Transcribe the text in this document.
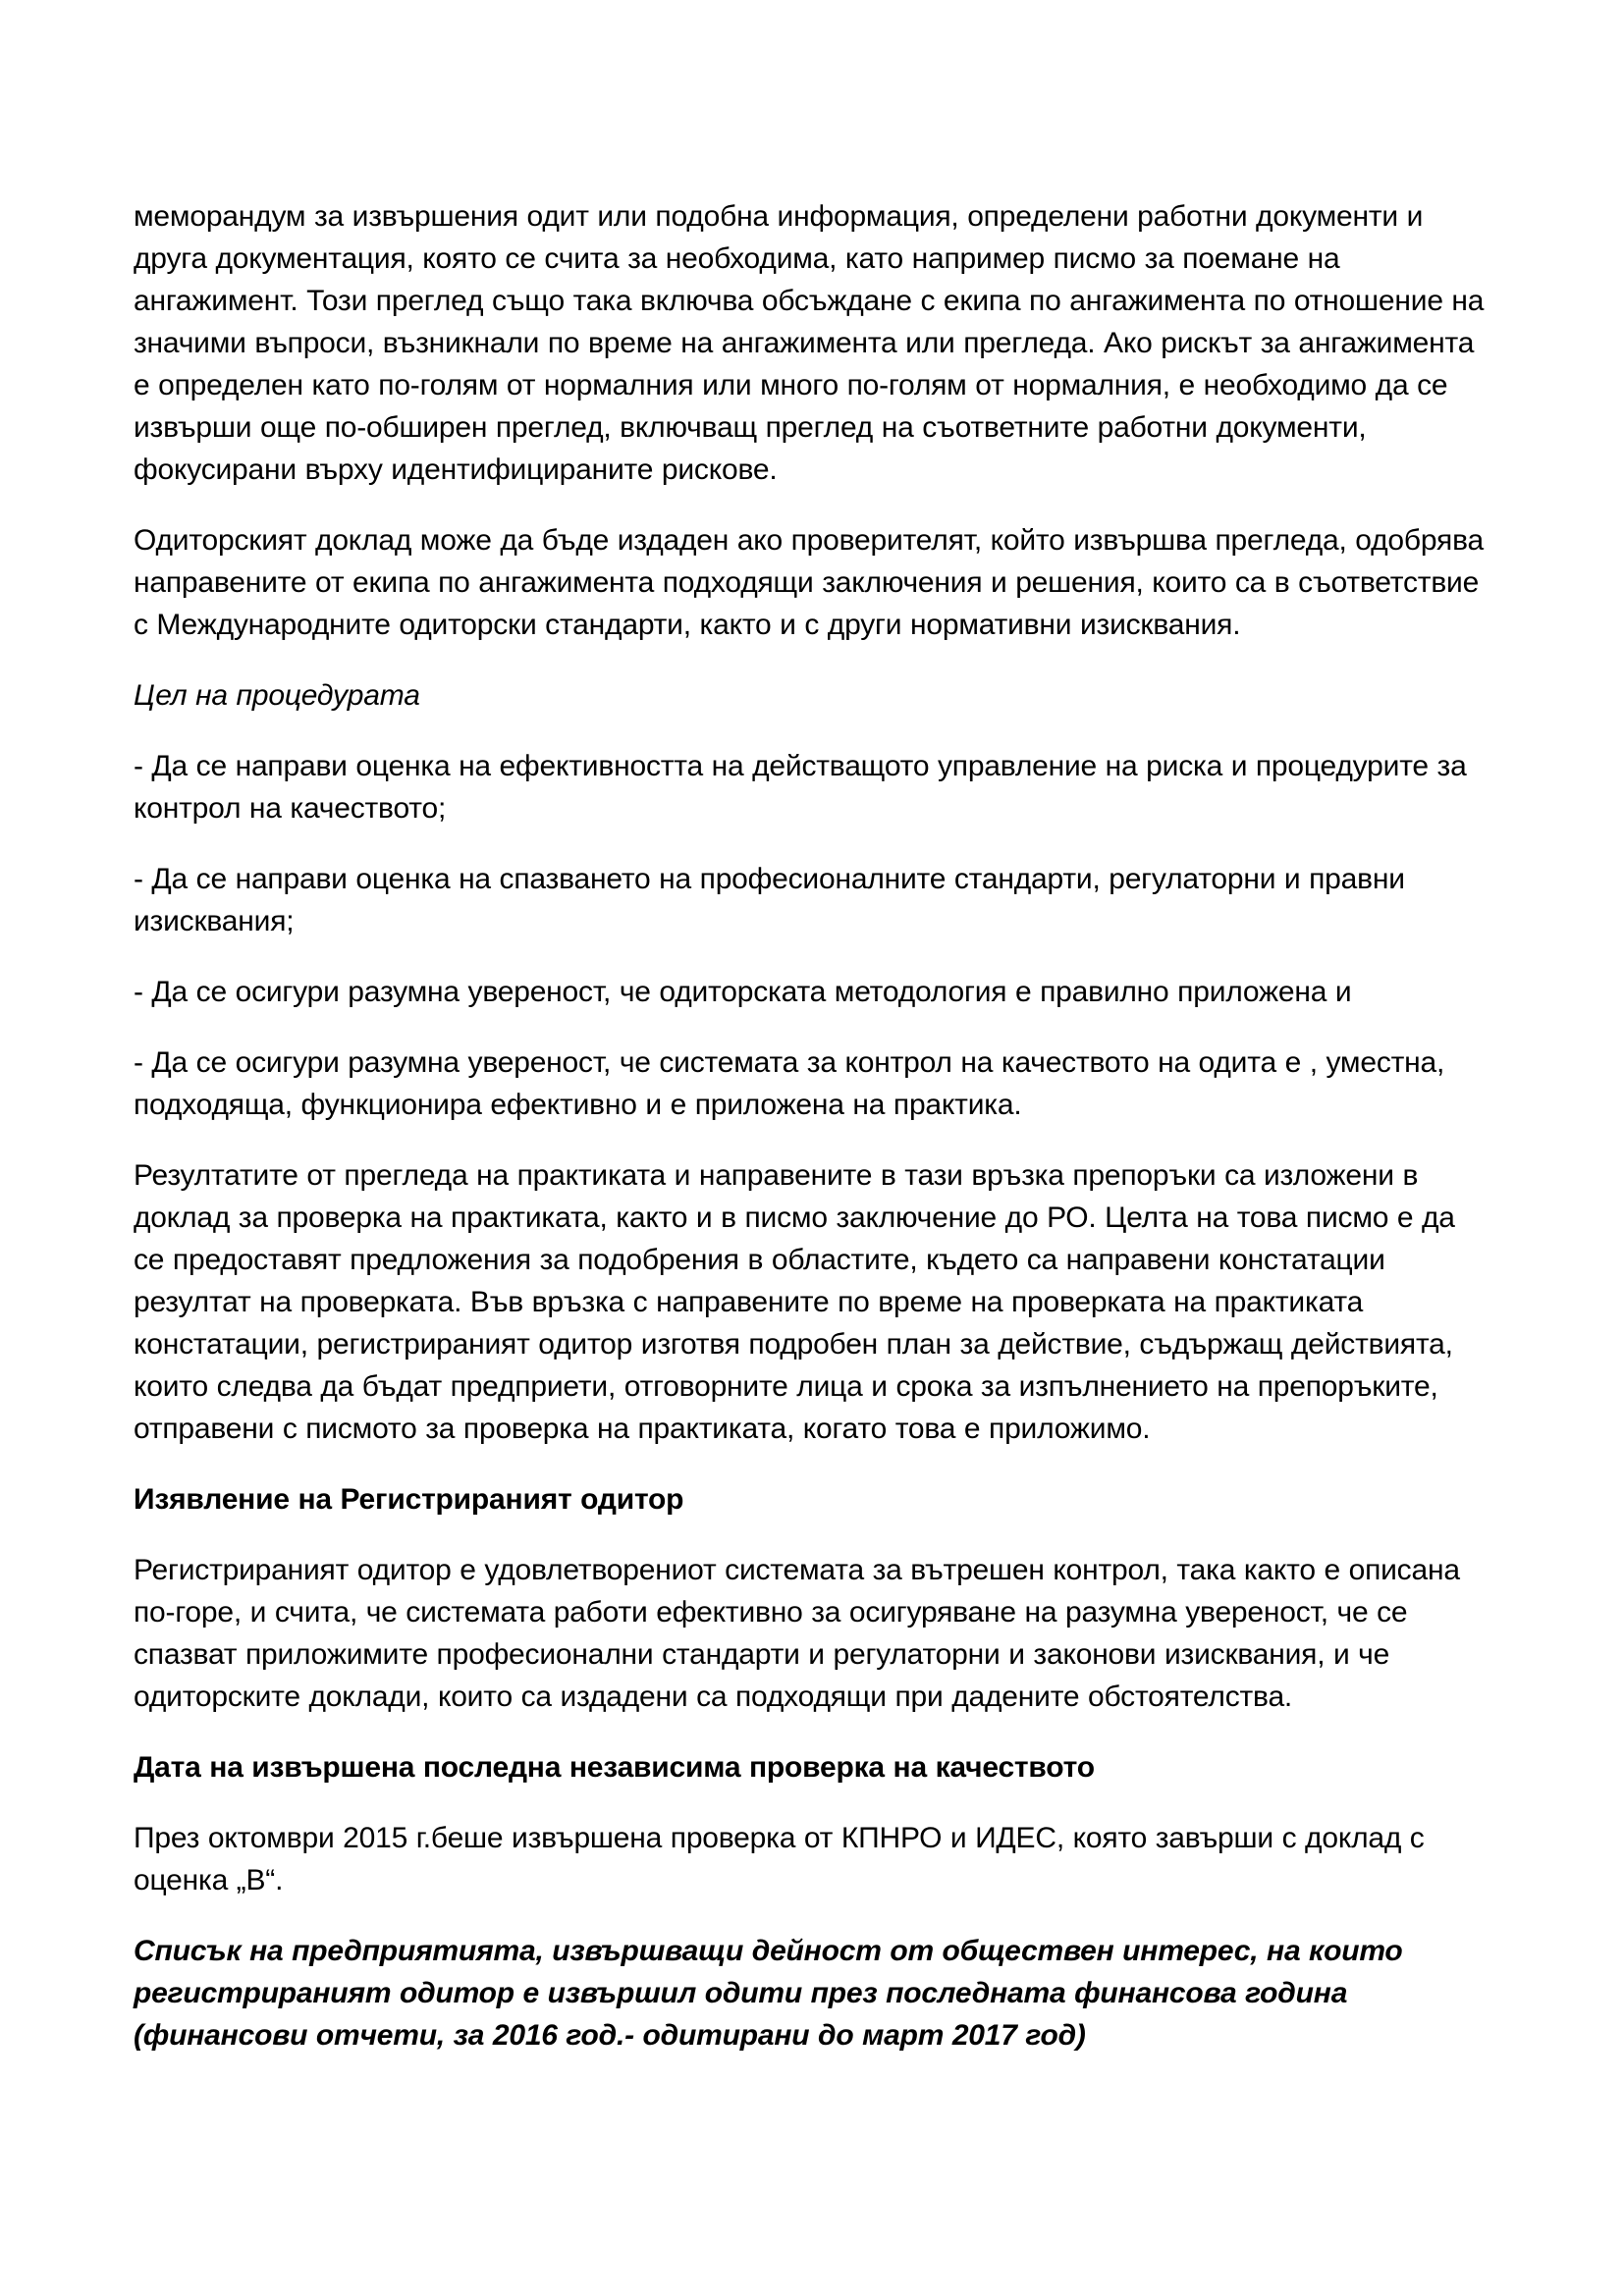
меморандум за извършения одит или подобна информация, определени работни документи и друга документация, която се счита за необходима, като например писмо за поемане на ангажимент. Този преглед също така включва обсъждане с екипа по ангажимента по отношение на значими въпроси, възникнали по време на ангажимента или прегледа. Ако рискът за ангажимента е определен като по-голям от нормалния или много по-голям от нормалния, е необходимо да се извърши още по-обширен преглед, включващ преглед на съответните работни документи, фокусирани върху идентифицираните рискове.

Одиторският доклад може да бъде издаден ако проверителят, който извършва прегледа, одобрява направените от екипа по ангажимента подходящи заключения и решения, които са в съответствие с Международните одиторски стандарти, както и с други нормативни изисквания.

Цел на процедурата

- Да се направи оценка на ефективността на действащото управление на риска и процедурите за контрол на качеството;

- Да се направи оценка на спазването на професионалните стандарти, регулаторни и правни изисквания;

- Да се осигури разумна увереност, че одиторската методология е правилно приложена и

- Да се осигури разумна увереност, че системата за контрол на качеството на одита е , уместна, подходяща, функционира ефективно и е приложена на практика.

Резултатите от прегледа на практиката и направените в тази връзка препоръки са изложени в доклад за проверка на практиката, както и в писмо заключение до РО. Целта на това писмо е да се предоставят предложения за подобрения в областите, където са направени констатации резултат на проверката. Във връзка с направените по време на проверката на практиката констатации, регистрираният одитор изготвя подробен план за действие, съдържащ действията, които следва да бъдат предприети, отговорните лица и срока за изпълнението на препоръките, отправени с писмото за проверка на практиката, когато това е приложимо.

Изявление на Регистрираният одитор

Регистрираният одитор е удовлетворениот системата за вътрешен контрол, така както е описана по-горе, и счита, че системата работи ефективно за осигуряване на разумна увереност, че се спазват приложимите професионални стандарти и регулаторни и законови изисквания, и че одиторските доклади, които са издадени са подходящи при дадените обстоятелства.

Дата на извършена последна независима проверка на качеството

През октомври 2015 г.беше извършена проверка от КПНРО и ИДЕС, която завърши с доклад с оценка „В“.

Списък на предприятията, извършващи дейност от обществен интерес, на които регистрираният одитор е извършил одити през последната финансова година (финансови отчети, за 2016 год.- одитирани до март 2017 год)
